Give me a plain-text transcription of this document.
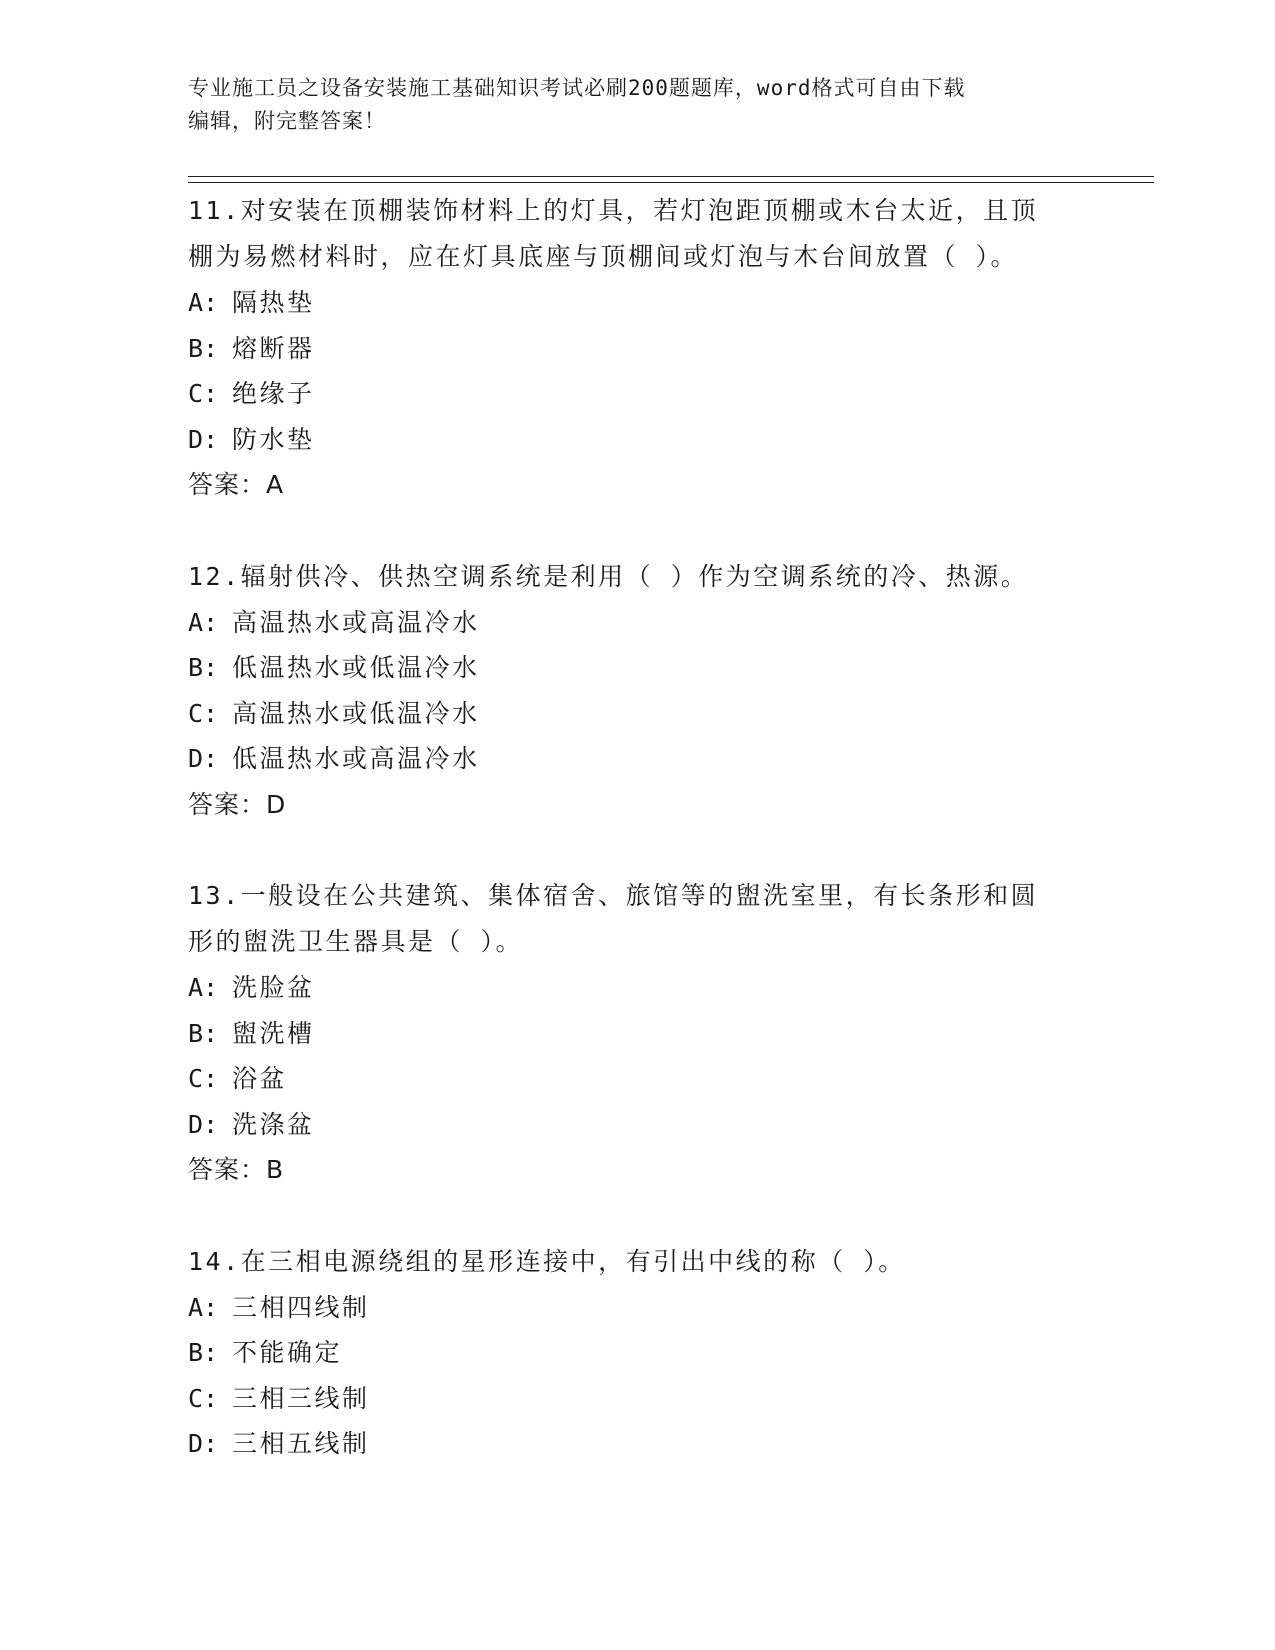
专业施工员之设备安装施工基础知识考试必刷200题题库，word格式可自由下载
编辑，附完整答案！

11.对安装在顶棚装饰材料上的灯具，若灯泡距顶棚或木台太近，且顶
棚为易燃材料时，应在灯具底座与顶棚间或灯泡与木台间放置（ ）。

A: 隔热垫
B: 熔断器
C: 绝缘子
D: 防水垫
答案：A

12.辐射供冷、供热空调系统是利用（ ）作为空调系统的冷、热源。

A: 高温热水或高温冷水
B: 低温热水或低温冷水
C: 高温热水或低温冷水
D: 低温热水或高温冷水
答案：D

13.一般设在公共建筑、集体宿舍、旅馆等的盥洗室里，有长条形和圆
形的盥洗卫生器具是（ ）。

A: 洗脸盆
B: 盥洗槽
C: 浴盆
D: 洗涤盆
答案：B

14.在三相电源绕组的星形连接中，有引出中线的称（ ）。

A: 三相四线制
B: 不能确定
C: 三相三线制
D: 三相五线制
